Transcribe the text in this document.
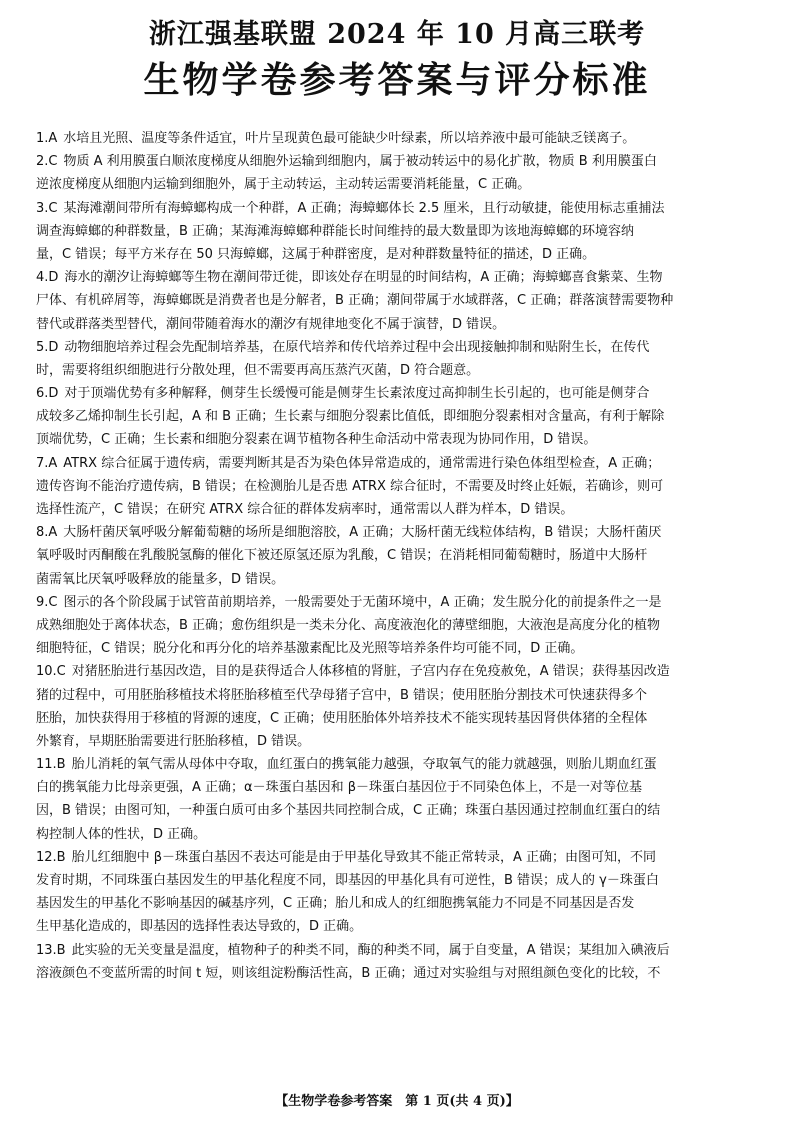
浙江强基联盟 2024 年 10 月高三联考
生物学卷参考答案与评分标准
1.A 水培且光照、温度等条件适宜，叶片呈现黄色最可能缺少叶绿素，所以培养液中最可能缺乏镁离子。
2.C 物质 A 利用膜蛋白顺浓度梯度从细胞外运输到细胞内，属于被动转运中的易化扩散，物质 B 利用膜蛋白
逆浓度梯度从细胞内运输到细胞外，属于主动转运，主动转运需要消耗能量，C 正确。
3.C 某海滩潮间带所有海蟑螂构成一个种群，A 正确；海蟑螂体长 2.5 厘米，且行动敏捷，能使用标志重捕法
调查海蟑螂的种群数量，B 正确；某海滩海蟑螂种群能长时间维持的最大数量即为该地海蟑螂的环境容纳
量，C 错误；每平方米存在 50 只海蟑螂，这属于种群密度，是对种群数量特征的描述，D 正确。
4.D 海水的潮汐让海蟑螂等生物在潮间带迁徙，即该处存在明显的时间结构，A 正确；海蟑螂喜食紫菜、生物
尸体、有机碎屑等，海蟑螂既是消费者也是分解者，B 正确；潮间带属于水域群落，C 正确；群落演替需要物种
替代或群落类型替代，潮间带随着海水的潮汐有规律地变化不属于演替，D 错误。
5.D 动物细胞培养过程会先配制培养基，在原代培养和传代培养过程中会出现接触抑制和贴附生长，在传代
时，需要将组织细胞进行分散处理，但不需要再高压蒸汽灭菌，D 符合题意。
6.D 对于顶端优势有多种解释，侧芽生长缓慢可能是侧芽生长素浓度过高抑制生长引起的，也可能是侧芽合
成较多乙烯抑制生长引起，A 和 B 正确；生长素与细胞分裂素比值低，即细胞分裂素相对含量高，有利于解除
顶端优势，C 正确；生长素和细胞分裂素在调节植物各种生命活动中常表现为协同作用，D 错误。
7.A ATRX 综合征属于遗传病，需要判断其是否为染色体异常造成的，通常需进行染色体组型检查，A 正确；
遗传咨询不能治疗遗传病，B 错误；在检测胎儿是否患 ATRX 综合征时，不需要及时终止妊娠，若确诊，则可
选择性流产，C 错误；在研究 ATRX 综合征的群体发病率时，通常需以人群为样本，D 错误。
8.A 大肠杆菌厌氧呼吸分解葡萄糖的场所是细胞溶胶，A 正确；大肠杆菌无线粒体结构，B 错误；大肠杆菌厌
氧呼吸时丙酮酸在乳酸脱氢酶的催化下被还原氢还原为乳酸，C 错误；在消耗相同葡萄糖时，肠道中大肠杆
菌需氧比厌氧呼吸释放的能量多，D 错误。
9.C 图示的各个阶段属于试管苗前期培养，一般需要处于无菌环境中，A 正确；发生脱分化的前提条件之一是
成熟细胞处于离体状态，B 正确；愈伤组织是一类未分化、高度液泡化的薄壁细胞，大液泡是高度分化的植物
细胞特征，C 错误；脱分化和再分化的培养基激素配比及光照等培养条件均可能不同，D 正确。
10.C 对猪胚胎进行基因改造，目的是获得适合人体移植的肾脏，子宫内存在免疫赦免，A 错误；获得基因改造
猪的过程中，可用胚胎移植技术将胚胎移植至代孕母猪子宫中，B 错误；使用胚胎分割技术可快速获得多个
胚胎，加快获得用于移植的肾源的速度，C 正确；使用胚胎体外培养技术不能实现转基因肾供体猪的全程体
外繁育，早期胚胎需要进行胚胎移植，D 错误。
11.B 胎儿消耗的氧气需从母体中夺取，血红蛋白的携氧能力越强，夺取氧气的能力就越强，则胎儿期血红蛋
白的携氧能力比母亲更强，A 正确；α－珠蛋白基因和 β－珠蛋白基因位于不同染色体上，不是一对等位基
因，B 错误；由图可知，一种蛋白质可由多个基因共同控制合成，C 正确；珠蛋白基因通过控制血红蛋白的结
构控制人体的性状，D 正确。
12.B 胎儿红细胞中 β－珠蛋白基因不表达可能是由于甲基化导致其不能正常转录，A 正确；由图可知，不同
发育时期，不同珠蛋白基因发生的甲基化程度不同，即基因的甲基化具有可逆性，B 错误；成人的 γ－珠蛋白
基因发生的甲基化不影响基因的碱基序列，C 正确；胎儿和成人的红细胞携氧能力不同是不同基因是否发
生甲基化造成的，即基因的选择性表达导致的，D 正确。
13.B 此实验的无关变量是温度，植物种子的种类不同，酶的种类不同，属于自变量，A 错误；某组加入碘液后
溶液颜色不变蓝所需的时间 t 短，则该组淀粉酶活性高，B 正确；通过对实验组与对照组颜色变化的比较，不
【生物学卷参考答案　第 1 页(共 4 页)】
